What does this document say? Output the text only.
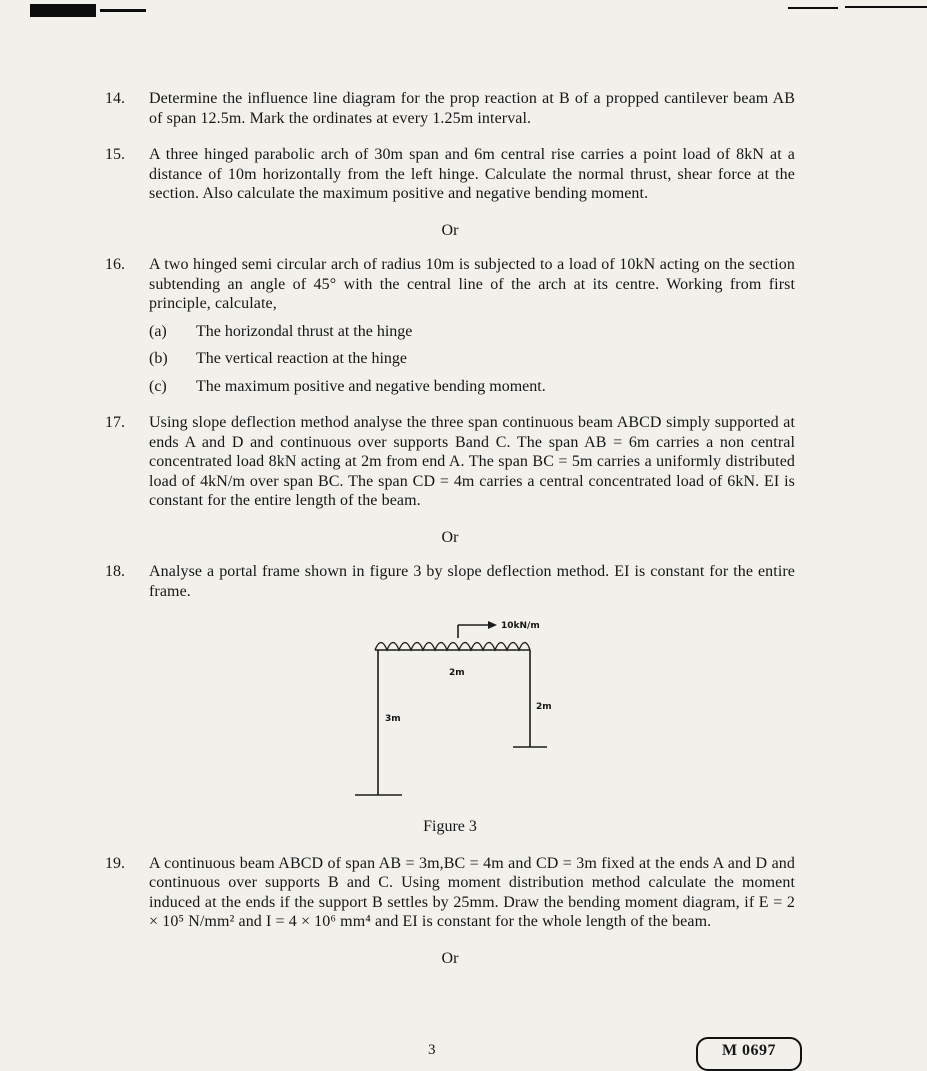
14.	Determine the influence line diagram for the prop reaction at B of a propped cantilever beam AB of span 12.5m. Mark the ordinates at every 1.25m interval.
15.	A three hinged parabolic arch of 30m span and 6m central rise carries a point load of 8kN at a distance of 10m horizontally from the left hinge. Calculate the normal thrust, shear force at the section. Also calculate the maximum positive and negative bending moment.
Or
16.	A two hinged semi circular arch of radius 10m is subjected to a load of 10kN acting on the section subtending an angle of 45° with the central line of the arch at its centre. Working from first principle, calculate,
(a)	The horizondal thrust at the hinge
(b)	The vertical reaction at the hinge
(c)	The maximum positive and negative bending moment.
17.	Using slope deflection method analyse the three span continuous beam ABCD simply supported at ends A and D and continuous over supports Band C. The span AB = 6m carries a non central concentrated load 8kN acting at 2m from end A. The span BC = 5m carries a uniformly distributed load of 4kN/m over span BC. The span CD = 4m carries a central concentrated load of 6kN. EI is constant for the entire length of the beam.
Or
18.	Analyse a portal frame shown in figure 3 by slope deflection method. EI is constant for the entire frame.
10kN/m
2m
3m
2m
Figure 3
19.	A continuous beam ABCD of span AB = 3m,BC = 4m and CD = 3m fixed at the ends A and D and continuous over supports B and C. Using moment distribution method calculate the moment induced at the ends if the support B settles by 25mm. Draw the bending moment diagram, if E = 2 × 10⁵ N/mm² and I = 4 × 10⁶ mm⁴ and EI is constant for the whole length of the beam.
Or
3	M 0697
